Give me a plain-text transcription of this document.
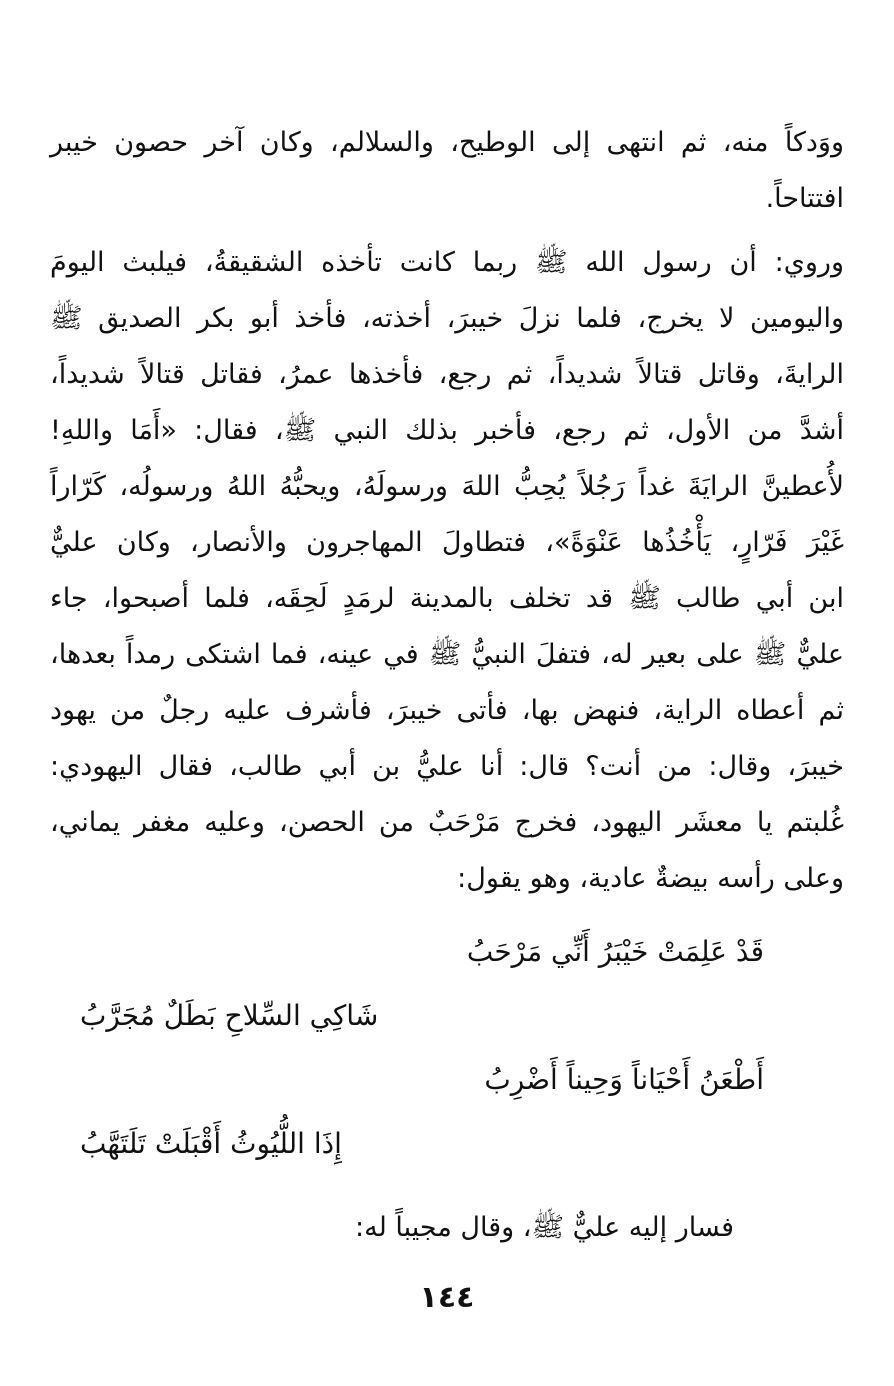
ووَدكاً منه، ثم انتهى إلى الوطيح، والسلالم، وكان آخر حصون خيبر
افتتاحاً.
وروي: أن رسول الله ﷺ ربما كانت تأخذه الشقيقةُ، فيلبث اليومَ
واليومين لا يخرج، فلما نزلَ خيبرَ، أخذته، فأخذ أبو بكر الصديق ﷺ
الرايةَ، وقاتل قتالاً شديداً، ثم رجع، فأخذها عمرُ، فقاتل قتالاً شديداً،
أشدَّ من الأول، ثم رجع، فأخبر بذلك النبي ﷺ، فقال: «أَمَا واللهِ!
لأُعطينَّ الرايَةَ غداً رَجُلاً يُحِبُّ اللهَ ورسولَهُ، ويحبُّهُ اللهُ ورسولُه، كَرّاراً
غَيْرَ فَرّارٍ، يَأْخُذُها عَنْوَةً»، فتطاولَ المهاجرون والأنصار، وكان عليٌّ
ابن أبي طالب ﷺ قد تخلف بالمدينة لرمَدٍ لَحِقَه، فلما أصبحوا، جاء
عليٌّ ﷺ على بعير له، فتفلَ النبيُّ ﷺ في عينه، فما اشتكى رمداً بعدها،
ثم أعطاه الراية، فنهض بها، فأتى خيبرَ، فأشرف عليه رجلٌ من يهود
خيبرَ، وقال: من أنت؟ قال: أنا عليُّ بن أبي طالب، فقال اليهودي:
غُلبتم يا معشَر اليهود، فخرج مَرْحَبٌ من الحصن، وعليه مغفر يماني،
وعلى رأسه بيضةٌ عادية، وهو يقول:
قَدْ عَلِمَتْ خَيْبَرُ أَنِّي مَرْحَبُ
شَاكِي السِّلاحِ بَطَلٌ مُجَرَّبُ
أَطْعَنُ أَحْيَاناً وَحِيناً أَضْرِبُ
إِذَا اللُّيُوثُ أَقْبَلَتْ تَلَتَهَّبُ
فسار إليه عليٌّ ﷺ، وقال مجيباً له:
١٤٤
